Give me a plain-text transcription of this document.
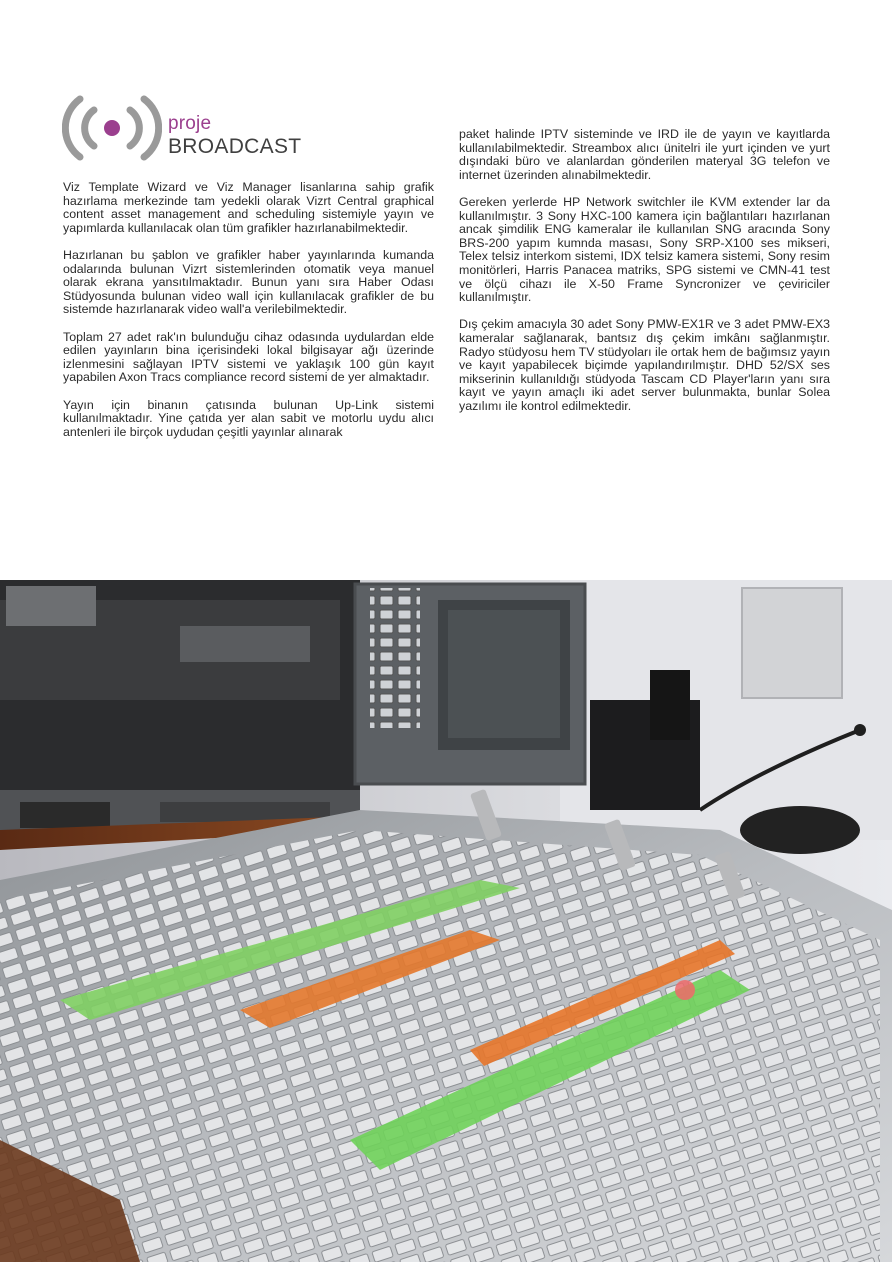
proje
BROADCAST

Viz Template Wizard ve Viz Manager lisanlarına sahip grafik hazırlama merkezinde tam yedekli olarak Vizrt Central graphical content asset management and scheduling sistemiyle yayın ve yapımlarda kullanılacak olan tüm grafikler hazırlanabilmektedir.

Hazırlanan bu şablon ve grafikler haber yayınlarında kumanda odalarında bulunan Vizrt sistemlerinden otomatik veya manuel olarak ekrana yansıtılmaktadır. Bunun yanı sıra Haber Odası Stüdyosunda bulunan video wall için kullanılacak grafikler de bu sistemde hazırlanarak video wall'a verilebilmektedir.

Toplam 27 adet rak'ın bulunduğu cihaz odasında uydulardan elde edilen yayınların bina içerisindeki lokal bilgisayar ağı üzerinde izlenmesini sağlayan IPTV sistemi ve yaklaşık 100 gün kayıt yapabilen Axon Tracs compliance record sistemi de yer almaktadır.

Yayın için binanın çatısında bulunan Up-Link sistemi kullanılmaktadır. Yine çatıda yer alan sabit ve motorlu uydu alıcı antenleri ile birçok uydudan çeşitli yayınlar alınarak

paket halinde IPTV sisteminde ve IRD ile de yayın ve kayıtlarda kullanılabilmektedir. Streambox alıcı ünitelri ile yurt içinden ve yurt dışındaki büro ve alanlardan gönderilen materyal 3G telefon ve internet üzerinden alınabilmektedir.

Gereken yerlerde HP Network switchler ile KVM extender lar da kullanılmıştır. 3 Sony HXC-100 kamera için bağlantıları hazırlanan ancak şimdilik ENG kameralar ile kullanılan SNG aracında Sony BRS-200 yapım kumnda masası, Sony SRP-X100 ses mikseri, Telex telsiz interkom sistemi, IDX telsiz kamera sistemi, Sony resim monitörleri, Harris Panacea matriks, SPG sistemi ve CMN-41 test ve ölçü cihazı ile X-50 Frame Syncronizer ve çeviriciler kullanılmıştır.

Dış çekim amacıyla 30 adet Sony PMW-EX1R ve 3 adet PMW-EX3 kameralar sağlanarak, bantsız dış çekim imkânı sağlanmıştır. Radyo stüdyosu hem TV stüdyoları ile ortak hem de bağımsız yayın ve kayıt yapabilecek biçimde yapılandırılmıştır. DHD 52/SX ses mikserinin kullanıldığı stüdyoda Tascam CD Player'ların yanı sıra kayıt ve yayın amaçlı iki adet server bulunmakta, bunlar Solea yazılımı ile kontrol edilmektedir.
